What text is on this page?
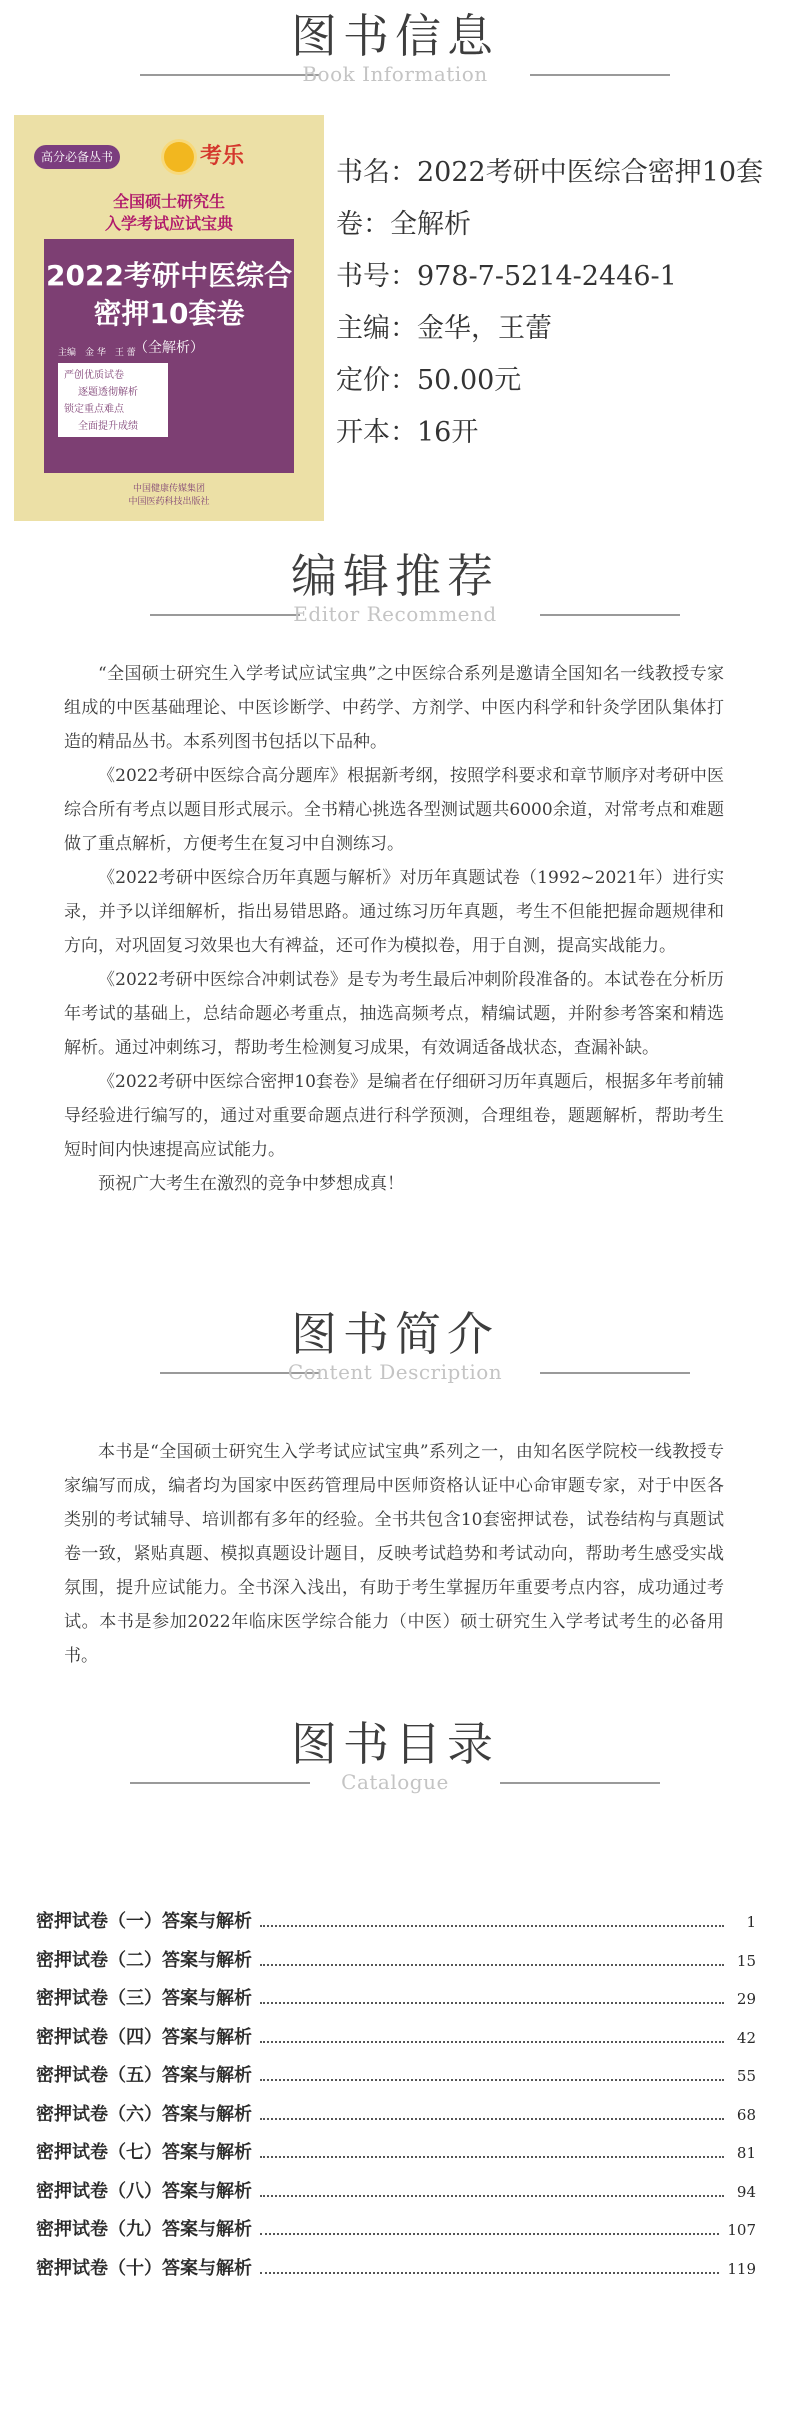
图书信息
Book Information
高分必备丛书	考乐
全国硕士研究生
入学考试应试宝典
2022考研中医综合
密押10套卷
（全解析）
主编　金 华　王 蕾
严创优质试卷
逐题透彻解析
锁定重点难点
全面提升成绩
中国健康传媒集团
中国医药科技出版社
书名：2022考研中医综合密押10套卷：全解析
书号：978-7-5214-2446-1
主编：金华，王蕾
定价：50.00元
开本：16开
编辑推荐
Editor Recommend

“全国硕士研究生入学考试应试宝典”之中医综合系列是邀请全国知名一线教授专家组成的中医基础理论、中医诊断学、中药学、方剂学、中医内科学和针灸学团队集体打造的精品丛书。本系列图书包括以下品种。

《2022考研中医综合高分题库》根据新考纲，按照学科要求和章节顺序对考研中医综合所有考点以题目形式展示。全书精心挑选各型测试题共6000余道，对常考点和难题做了重点解析，方便考生在复习中自测练习。

《2022考研中医综合历年真题与解析》对历年真题试卷（1992~2021年）进行实录，并予以详细解析，指出易错思路。通过练习历年真题，考生不但能把握命题规律和方向，对巩固复习效果也大有裨益，还可作为模拟卷，用于自测，提高实战能力。

《2022考研中医综合冲刺试卷》是专为考生最后冲刺阶段准备的。本试卷在分析历年考试的基础上，总结命题必考重点，抽选高频考点，精编试题，并附参考答案和精选解析。通过冲刺练习，帮助考生检测复习成果，有效调适备战状态，查漏补缺。

《2022考研中医综合密押10套卷》是编者在仔细研习历年真题后，根据多年考前辅导经验进行编写的，通过对重要命题点进行科学预测，合理组卷，题题解析，帮助考生短时间内快速提高应试能力。

预祝广大考生在激烈的竞争中梦想成真！

图书简介
Content Description

本书是“全国硕士研究生入学考试应试宝典”系列之一，由知名医学院校一线教授专家编写而成，编者均为国家中医药管理局中医师资格认证中心命审题专家，对于中医各类别的考试辅导、培训都有多年的经验。全书共包含10套密押试卷，试卷结构与真题试卷一致，紧贴真题、模拟真题设计题目，反映考试趋势和考试动向，帮助考生感受实战氛围，提升应试能力。全书深入浅出，有助于考生掌握历年重要考点内容，成功通过考试。本书是参加2022年临床医学综合能力（中医）硕士研究生入学考试考生的必备用书。

图书目录
Catalogue
密押试卷（一）答案与解析	1
密押试卷（二）答案与解析	15
密押试卷（三）答案与解析	29
密押试卷（四）答案与解析	42
密押试卷（五）答案与解析	55
密押试卷（六）答案与解析	68
密押试卷（七）答案与解析	81
密押试卷（八）答案与解析	94
密押试卷（九）答案与解析	107
密押试卷（十）答案与解析	119
